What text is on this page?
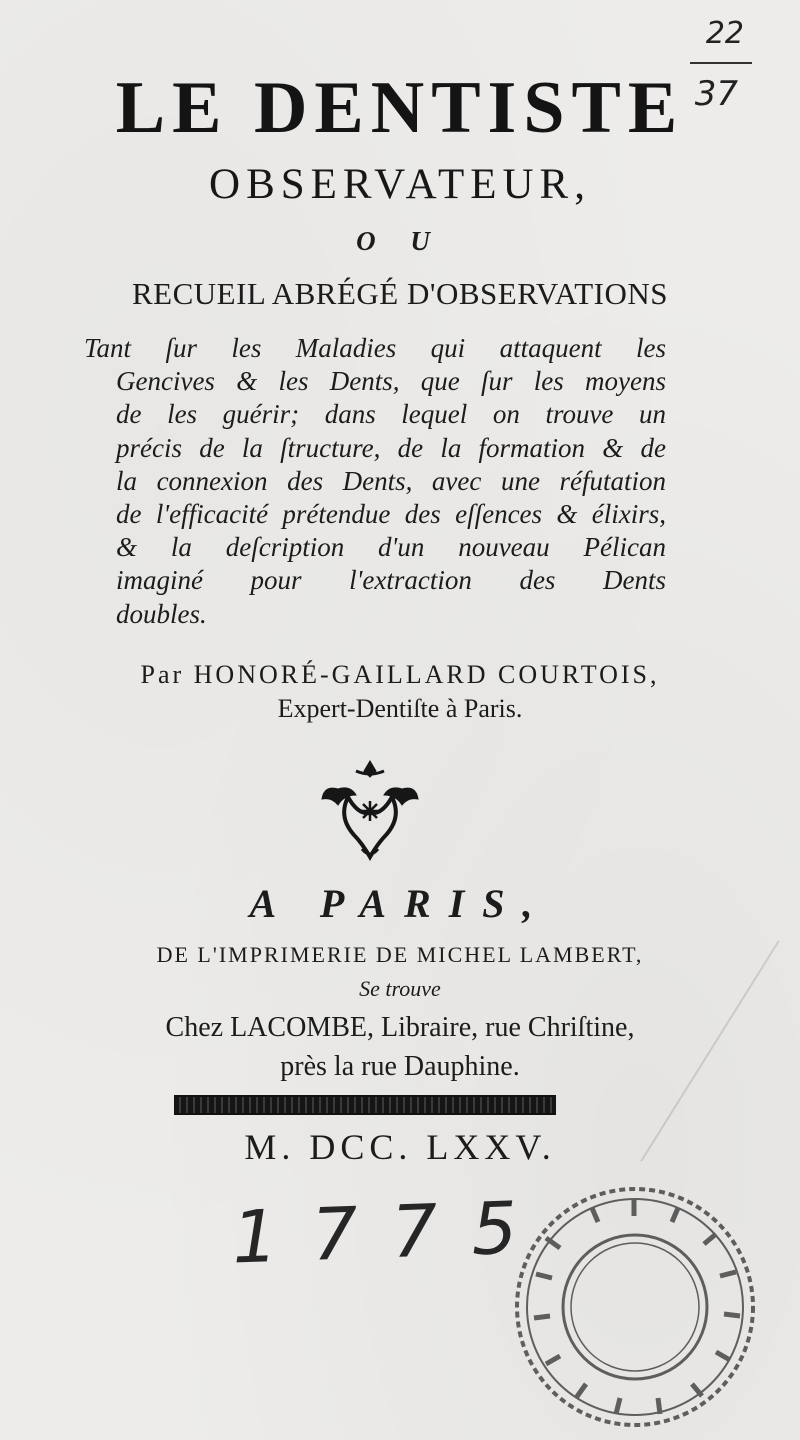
22
37
LE DENTISTE
OBSERVATEUR,
O U
RECUEIL ABRÉGÉ D'OBSERVATIONS
Tant ſur les Maladies qui attaquent les
Gencives & les Dents, que ſur les moyens
de les guérir; dans lequel on trouve un
précis de la ſtructure, de la formation & de
la connexion des Dents, avec une réfutation
de l'efficacité prétendue des eſſences & élixirs,
& la deſcription d'un nouveau Pélican
imaginé pour l'extraction des Dents
doubles.
Par HONORÉ-GAILLARD COURTOIS,
Expert-Dentiſte à Paris.
A PARIS,
DE L'IMPRIMERIE DE MICHEL LAMBERT,
Se trouve
Chez LACOMBE, Libraire, rue Chriſtine,
près la rue Dauphine.
M. DCC. LXXV.
1775
